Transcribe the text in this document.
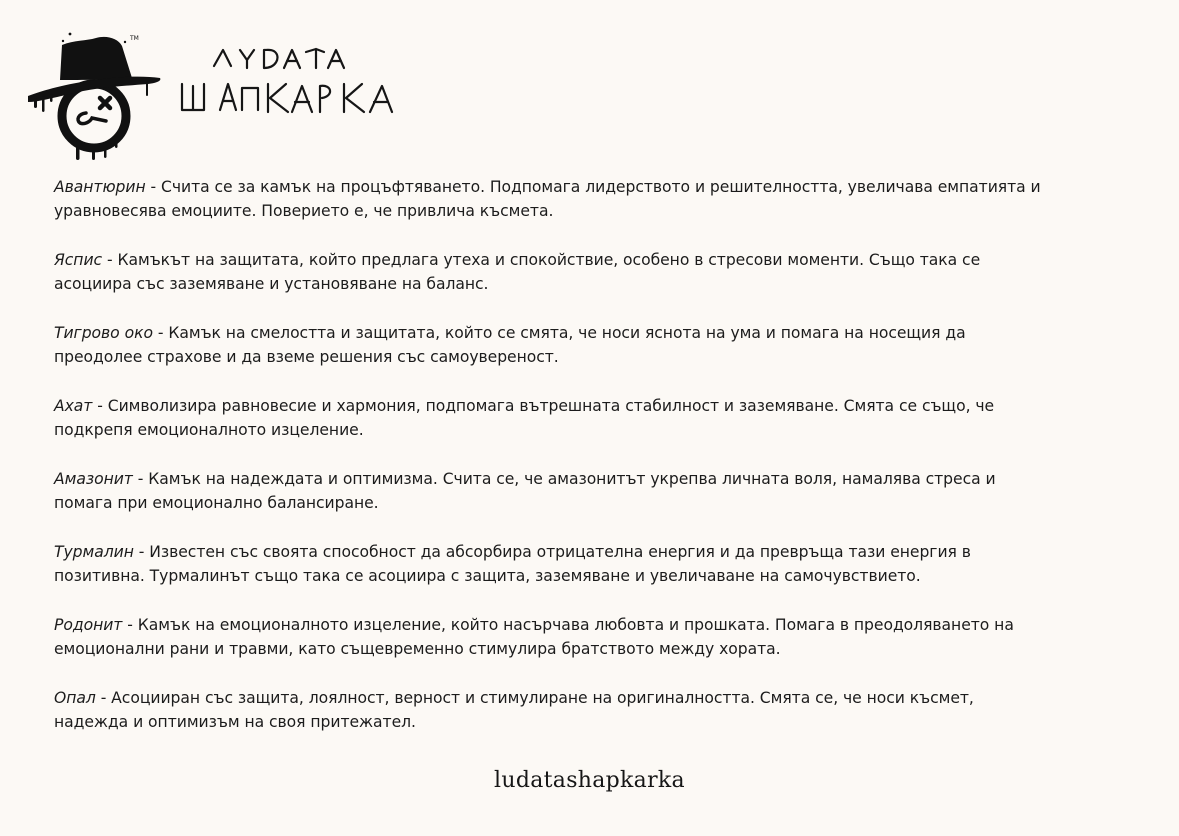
TM
Авантюрин - Счита се за камък на процъфтяването. Подпомага лидерството и решителността, увеличава емпатията и
уравновесява емоциите. Поверието е, че привлича късмета.
Яспис - Камъкът на защитата, който предлага утеха и спокойствие, особено в стресови моменти. Също така се
асоциира със заземяване и установяване на баланс.
Тигрово око - Камък на смелостта и защитата, който се смята, че носи яснота на ума и помага на носещия да
преодолее страхове и да вземе решения със самоувереност.
Ахат - Символизира равновесие и хармония, подпомага вътрешната стабилност и заземяване. Смята се също, че
подкрепя емоционалното изцеление.
Амазонит - Камък на надеждата и оптимизма. Счита се, че амазонитът укрепва личната воля, намалява стреса и
помага при емоционално балансиране.
Турмалин - Известен със своята способност да абсорбира отрицателна енергия и да превръща тази енергия в
позитивна. Турмалинът също така се асоциира с защита, заземяване и увеличаване на самочувствието.
Родонит - Камък на емоционалното изцеление, който насърчава любовта и прошката. Помага в преодоляването на
емоционални рани и травми, като същевременно стимулира братството между хората.
Опал - Асоцииран със защита, лоялност, верност и стимулиране на оригиналността. Смята се, че носи късмет,
надежда и оптимизъм на своя притежател.
ludatashapkarka
